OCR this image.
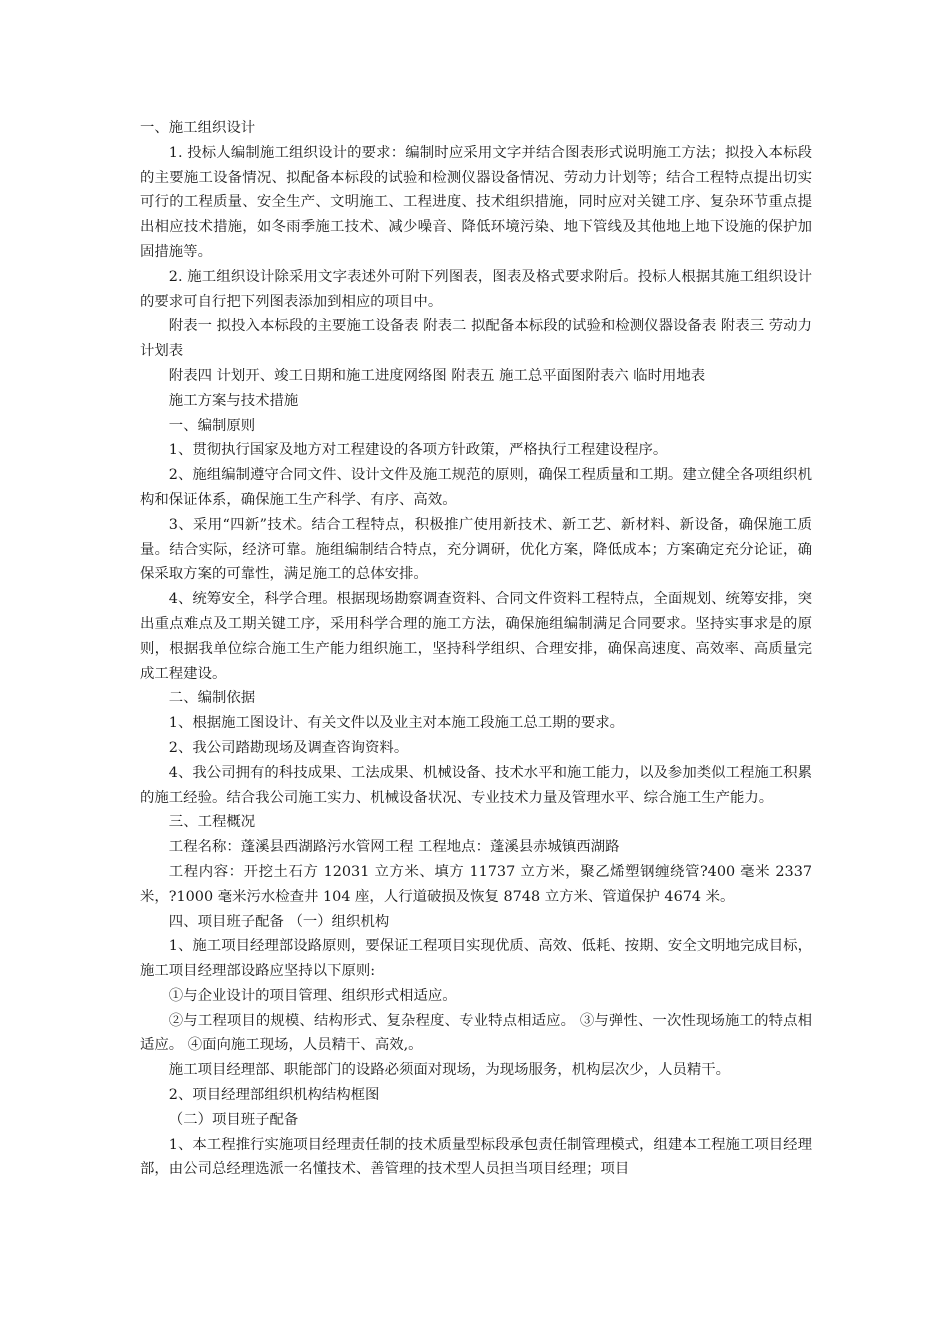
一、施工组织设计

1. 投标人编制施工组织设计的要求：编制时应采用文字并结合图表形式说明施工方法；拟投入本标段的主要施工设备情况、拟配备本标段的试验和检测仪器设备情况、劳动力计划等；结合工程特点提出切实可行的工程质量、安全生产、文明施工、工程进度、技术组织措施，同时应对关键工序、复杂环节重点提出相应技术措施，如冬雨季施工技术、减少噪音、降低环境污染、地下管线及其他地上地下设施的保护加固措施等。

2. 施工组织设计除采用文字表述外可附下列图表，图表及格式要求附后。投标人根据其施工组织设计的要求可自行把下列图表添加到相应的项目中。

附表一 拟投入本标段的主要施工设备表 附表二 拟配备本标段的试验和检测仪器设备表 附表三 劳动力计划表

附表四 计划开、竣工日期和施工进度网络图 附表五 施工总平面图附表六 临时用地表

施工方案与技术措施

一、编制原则

1、贯彻执行国家及地方对工程建设的各项方针政策，严格执行工程建设程序。

2、施组编制遵守合同文件、设计文件及施工规范的原则，确保工程质量和工期。建立健全各项组织机构和保证体系，确保施工生产科学、有序、高效。

3、采用“四新”技术。结合工程特点，积极推广使用新技术、新工艺、新材料、新设备，确保施工质量。结合实际，经济可靠。施组编制结合特点，充分调研，优化方案，降低成本；方案确定充分论证，确保采取方案的可靠性，满足施工的总体安排。

4、统筹安全，科学合理。根据现场勘察调查资料、合同文件资料工程特点，全面规划、统筹安排，突出重点难点及工期关键工序，采用科学合理的施工方法，确保施组编制满足合同要求。坚持实事求是的原则，根据我单位综合施工生产能力组织施工，坚持科学组织、合理安排，确保高速度、高效率、高质量完成工程建设。

二、编制依据

1、根据施工图设计、有关文件以及业主对本施工段施工总工期的要求。

2、我公司踏勘现场及调查咨询资料。

4、我公司拥有的科技成果、工法成果、机械设备、技术水平和施工能力，以及参加类似工程施工积累的施工经验。结合我公司施工实力、机械设备状况、专业技术力量及管理水平、综合施工生产能力。

三、工程概况

工程名称：蓬溪县西湖路污水管网工程 工程地点：蓬溪县赤城镇西湖路

工程内容：开挖土石方 12031 立方米、填方 11737 立方米，聚乙烯塑钢缠绕管?400 毫米 2337 米，?1000 毫米污水检查井 104 座，人行道破损及恢复 8748 立方米、管道保护 4674 米。

四、项目班子配备 （一）组织机构

1、施工项目经理部设路原则，要保证工程项目实现优质、高效、低耗、按期、安全文明地完成目标，施工项目经理部设路应坚持以下原则:

①与企业设计的项目管理、组织形式相适应。

②与工程项目的规模、结构形式、复杂程度、专业特点相适应。 ③与弹性、一次性现场施工的特点相适应。 ④面向施工现场，人员精干、高效,。

施工项目经理部、职能部门的设路必须面对现场，为现场服务，机构层次少，人员精干。

2、项目经理部组织机构结构框图

（二）项目班子配备

1、本工程推行实施项目经理责任制的技术质量型标段承包责任制管理模式，组建本工程施工项目经理部，由公司总经理选派一名懂技术、善管理的技术型人员担当项目经理；项目
